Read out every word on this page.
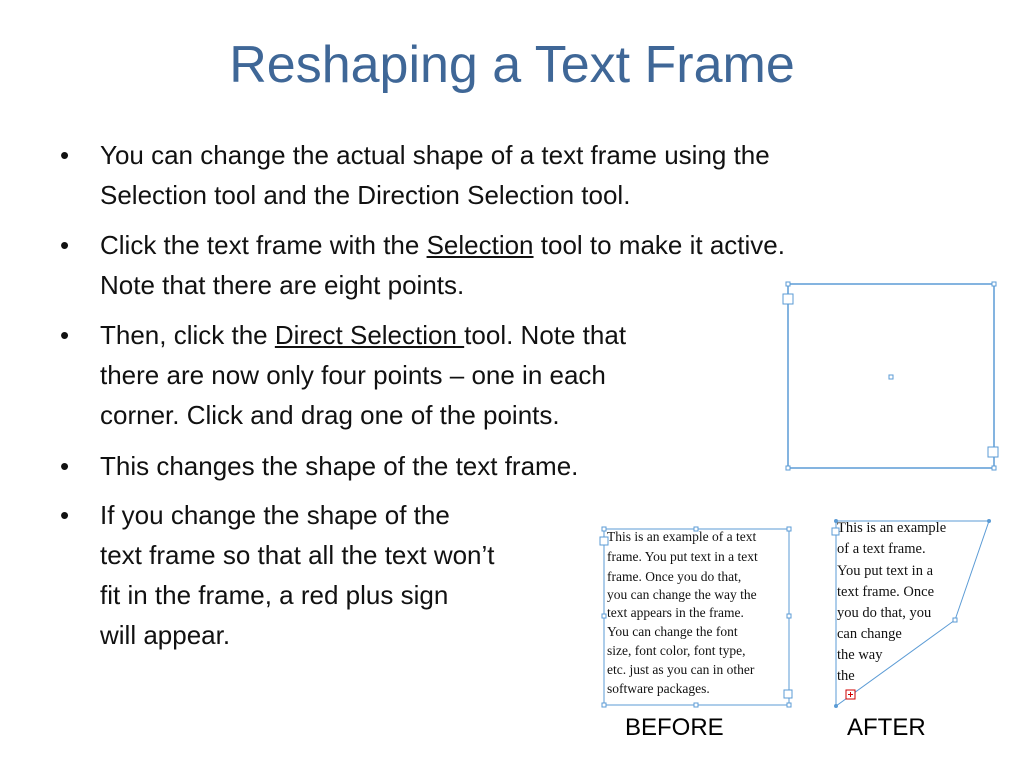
Reshaping a Text Frame
•	You can change the actual shape of a text frame using the
Selection tool and the Direction Selection tool.
•	Click the text frame with the Selection tool to make it active.
Note that there are eight points.
•	Then, click the Direct Selection tool. Note that
there are now only four points – one in each
corner. Click and drag one of the points.
•	This changes the shape of the text frame.
•	If you change the shape of the
text frame so that all the text won’t
fit in the frame, a red plus sign
will appear.
This is an example of a text
frame. You put text in a text
frame. Once you do that,
you can change the way the
text appears in the frame.
You can change the font
size, font color, font type,
etc. just as you can in other
software packages.
This is an example
of a text frame.
You put text in a
text frame. Once
you do that, you
can change
the way
the
BEFORE	AFTER
